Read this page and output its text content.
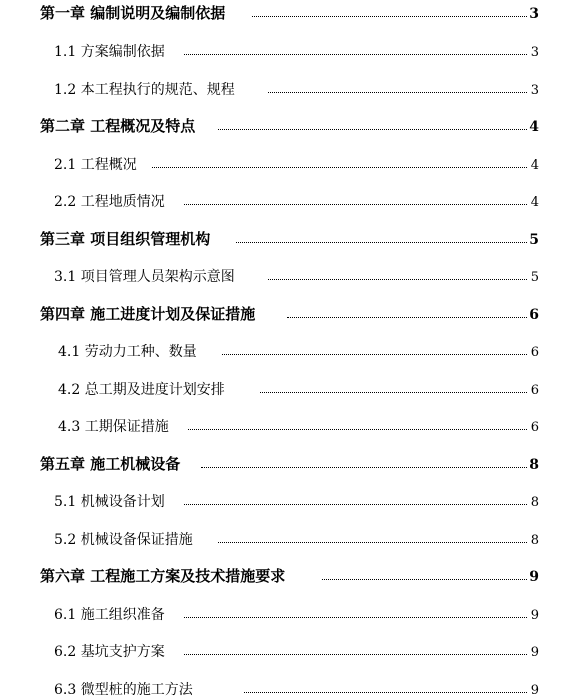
第一章 编制说明及编制依据	3
1.1 方案编制依据	3
1.2 本工程执行的规范、规程	3
第二章 工程概况及特点	4
2.1 工程概况	4
2.2 工程地质情况	4
第三章 项目组织管理机构	5
3.1 项目管理人员架构示意图	5
第四章 施工进度计划及保证措施	6
4.1 劳动力工种、数量	6
4.2 总工期及进度计划安排	6
4.3 工期保证措施	6
第五章 施工机械设备	8
5.1 机械设备计划	8
5.2 机械设备保证措施	8
第六章 工程施工方案及技术措施要求	9
6.1 施工组织准备	9
6.2 基坑支护方案	9
6.3 微型桩的施工方法	9
